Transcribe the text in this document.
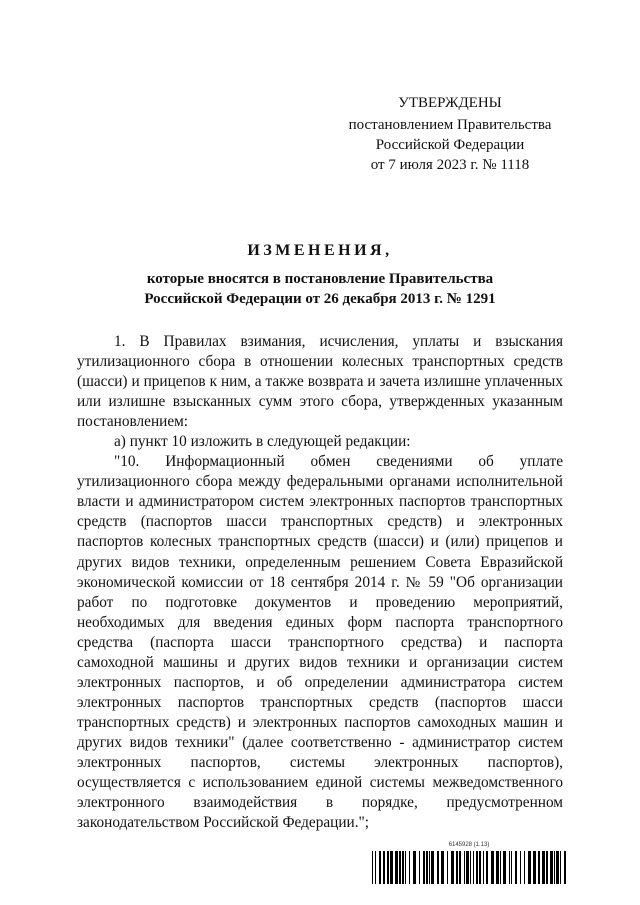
УТВЕРЖДЕНЫ
постановлением Правительства
Российской Федерации
от 7 июля 2023 г. № 1118
ИЗМЕНЕНИЯ,
которые вносятся в постановление Правительства
Российской Федерации от 26 декабря 2013 г. № 1291

1. В Правилах взимания, исчисления, уплаты и взыскания утилизационного сбора в отношении колесных транспортных средств (шасси) и прицепов к ним, а также возврата и зачета излишне уплаченных или излишне взысканных сумм этого сбора, утвержденных указанным постановлением:

а) пункт 10 изложить в следующей редакции:

"10. Информационный обмен сведениями об уплате утилизационного сбора между федеральными органами исполнительной власти и администратором систем электронных паспортов транспортных средств (паспортов шасси транспортных средств) и электронных паспортов колесных транспортных средств (шасси) и (или) прицепов и других видов техники, определенным решением Совета Евразийской экономической комиссии от 18 сентября 2014 г. № 59 "Об организации работ по подготовке документов и проведению мероприятий, необходимых для введения единых форм паспорта транспортного средства (паспорта шасси транспортного средства) и паспорта самоходной машины и других видов техники и организации систем электронных паспортов, и об определении администратора систем электронных паспортов транспортных средств (паспортов шасси транспортных средств) и электронных паспортов самоходных машин и других видов техники" (далее соответственно - администратор систем электронных паспортов, системы электронных паспортов), осуществляется с использованием единой системы межведомственного электронного взаимодействия в порядке, предусмотренном законодательством Российской Федерации.";

6145928 (1.13)
